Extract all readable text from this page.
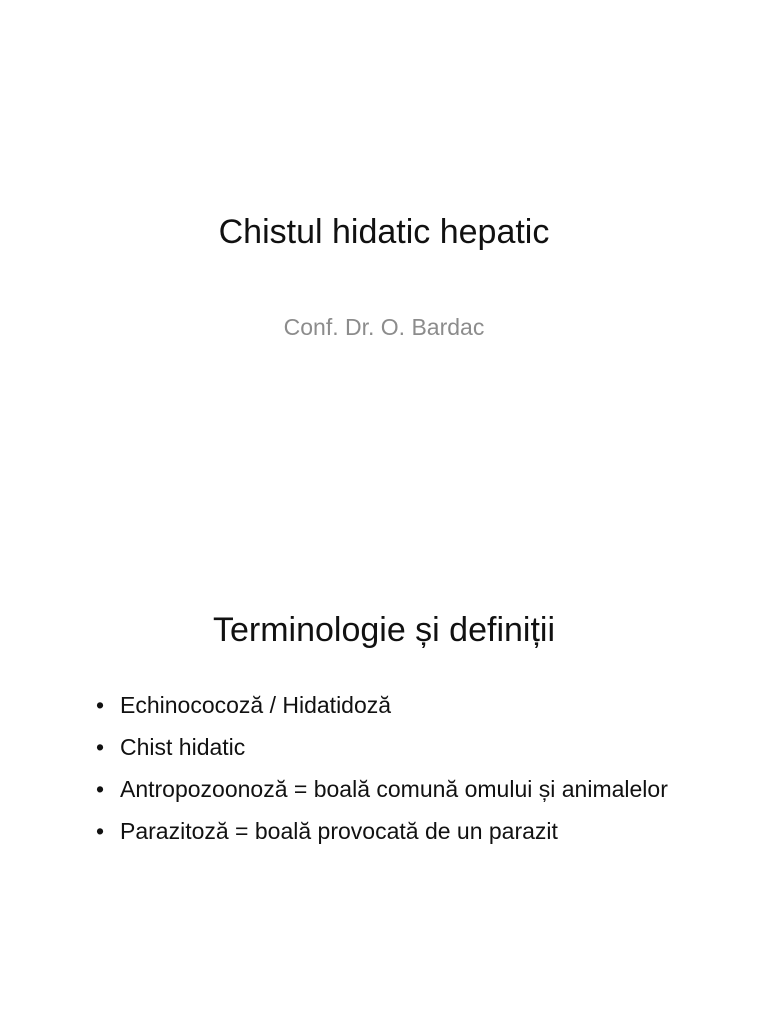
Chistul hidatic hepatic
Conf. Dr. O. Bardac
Terminologie și definiții
• Echinococoză / Hidatidoză
• Chist hidatic
• Antropozoonoză = boală comună omului și animalelor
• Parazitoză = boală provocată de un parazit
